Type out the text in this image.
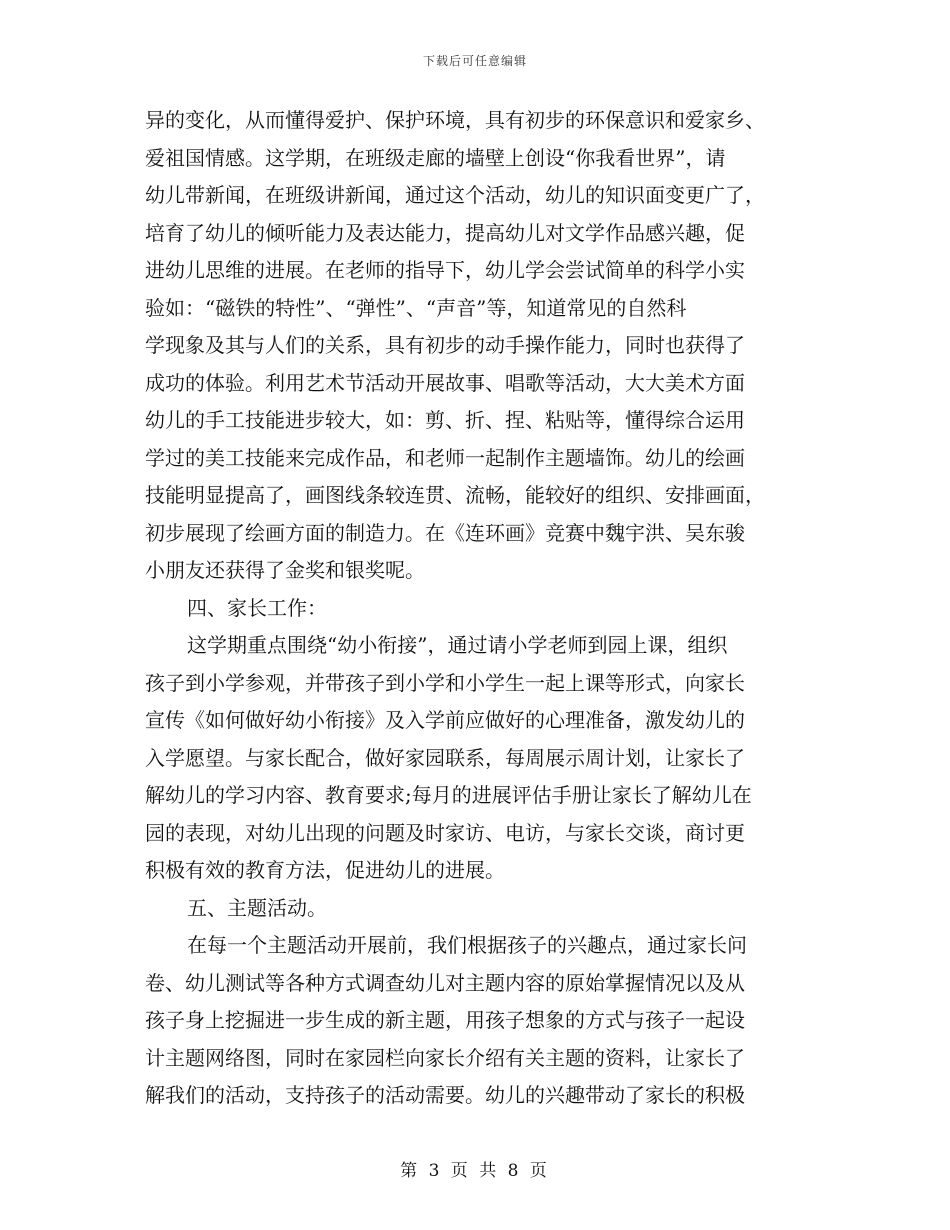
下载后可任意编辑
异的变化，从而懂得爱护、保护环境，具有初步的环保意识和爱家乡、
爱祖国情感。这学期，在班级走廊的墙壁上创设“你我看世界”，请
幼儿带新闻，在班级讲新闻，通过这个活动，幼儿的知识面变更广了，
培育了幼儿的倾听能力及表达能力，提高幼儿对文学作品感兴趣，促
进幼儿思维的进展。在老师的指导下，幼儿学会尝试简单的科学小实
验如：“磁铁的特性”、“弹性”、“声音”等，知道常见的自然科
学现象及其与人们的关系，具有初步的动手操作能力，同时也获得了
成功的体验。利用艺术节活动开展故事、唱歌等活动，大大美术方面
幼儿的手工技能进步较大，如：剪、折、捏、粘贴等，懂得综合运用
学过的美工技能来完成作品，和老师一起制作主题墙饰。幼儿的绘画
技能明显提高了，画图线条较连贯、流畅，能较好的组织、安排画面，
初步展现了绘画方面的制造力。在《连环画》竞赛中魏宇洪、吴东骏
小朋友还获得了金奖和银奖呢。
四、家长工作：
这学期重点围绕“幼小衔接”，通过请小学老师到园上课，组织
孩子到小学参观，并带孩子到小学和小学生一起上课等形式，向家长
宣传《如何做好幼小衔接》及入学前应做好的心理准备，激发幼儿的
入学愿望。与家长配合，做好家园联系，每周展示周计划，让家长了
解幼儿的学习内容、教育要求;每月的进展评估手册让家长了解幼儿在
园的表现，对幼儿出现的问题及时家访、电访，与家长交谈，商讨更
积极有效的教育方法，促进幼儿的进展。
五、主题活动。
在每一个主题活动开展前，我们根据孩子的兴趣点，通过家长问
卷、幼儿测试等各种方式调查幼儿对主题内容的原始掌握情况以及从
孩子身上挖掘进一步生成的新主题，用孩子想象的方式与孩子一起设
计主题网络图，同时在家园栏向家长介绍有关主题的资料，让家长了
解我们的活动，支持孩子的活动需要。幼儿的兴趣带动了家长的积极
第 3 页 共 8 页
